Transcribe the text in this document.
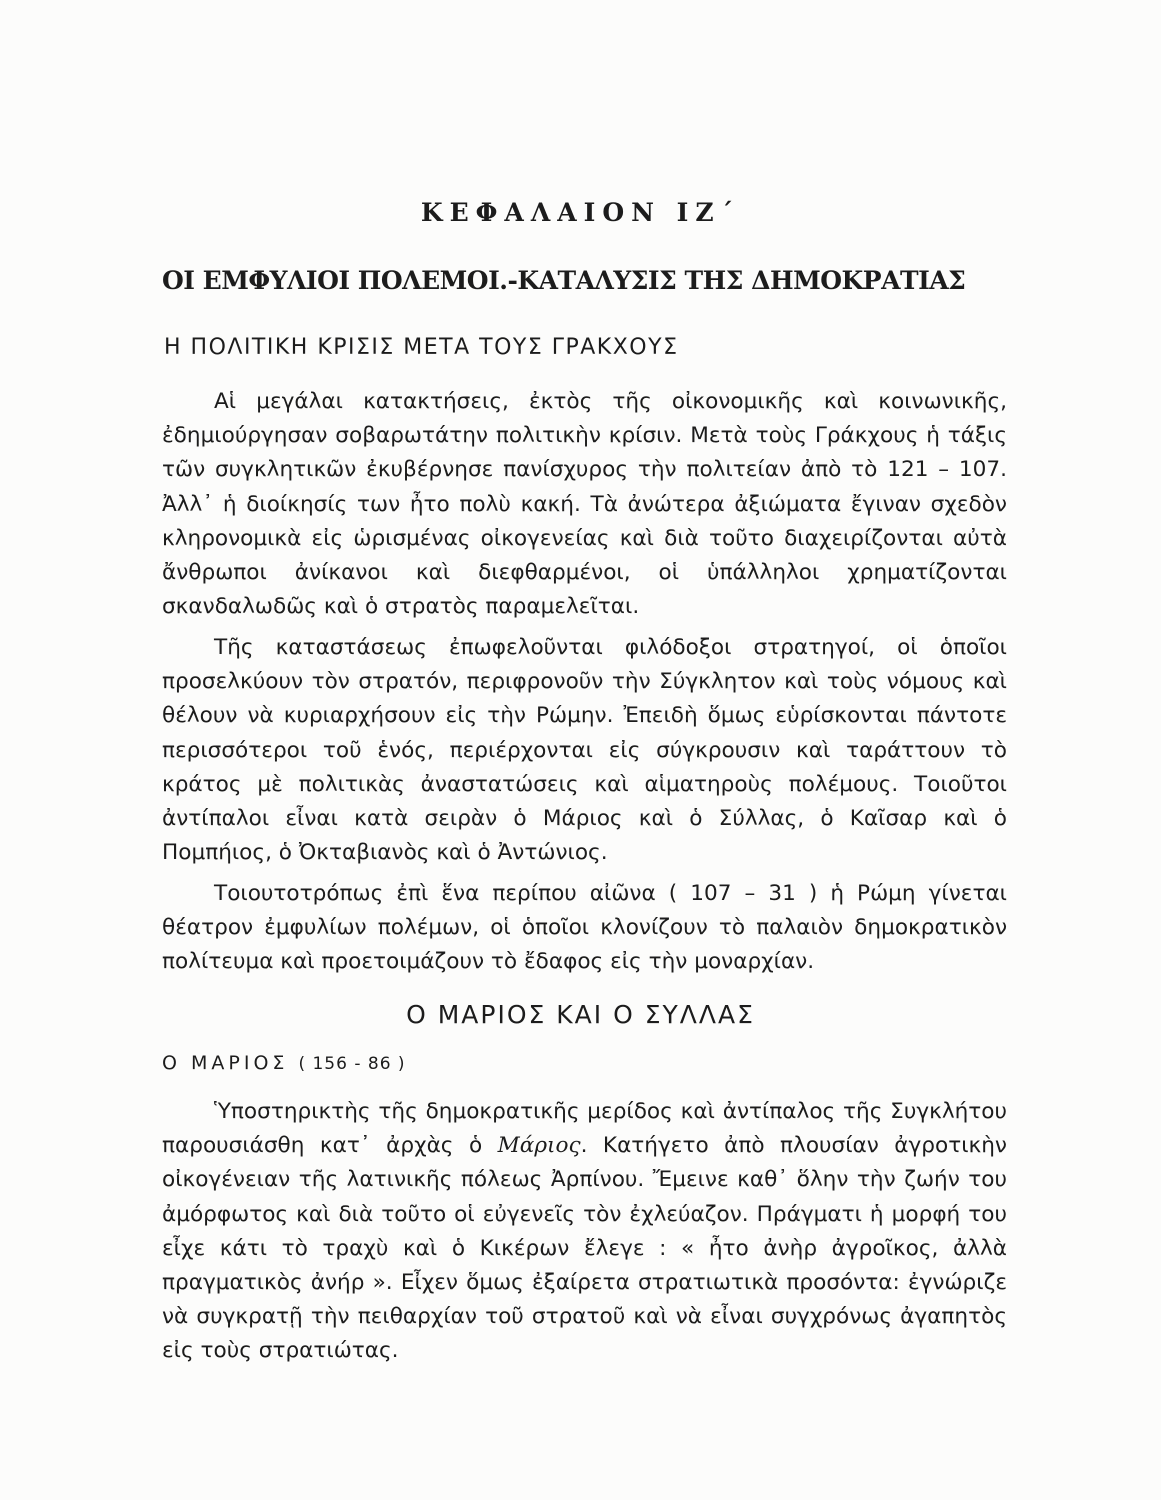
ΚΕΦΑΛΑΙΟΝ ΙΖ΄
ΟΙ ΕΜΦΥΛΙΟΙ ΠΟΛΕΜΟΙ.-ΚΑΤΑΛΥΣΙΣ ΤΗΣ ΔΗΜΟΚΡΑΤΙΑΣ
Η ΠΟΛΙΤΙΚΗ ΚΡΙΣΙΣ ΜΕΤΑ ΤΟΥΣ ΓΡΑΚΧΟΥΣ

Αἱ μεγάλαι κατακτήσεις, ἐκτὸς τῆς οἰκονομικῆς καὶ κοινωνικῆς, ἐδημιούργησαν σοβαρωτάτην πολιτικὴν κρίσιν. Μετὰ τοὺς Γράκχους ἡ τάξις τῶν συγκλητικῶν ἐκυβέρνησε πανίσχυρος τὴν πολιτείαν ἀπὸ τὸ 121 – 107. Ἀλλ᾽ ἡ διοίκησίς των ἦτο πολὺ κακή. Τὰ ἀνώτερα ἀξιώματα ἔγιναν σχεδὸν κληρονομικὰ εἰς ὡρισμένας οἰκογενείας καὶ διὰ τοῦτο διαχειρίζονται αὐτὰ ἄνθρωποι ἀνίκανοι καὶ διεφθαρμένοι, οἱ ὑπάλληλοι χρηματίζονται σκανδαλωδῶς καὶ ὁ στρατὸς παραμελεῖται.

Τῆς καταστάσεως ἐπωφελοῦνται φιλόδοξοι στρατηγοί, οἱ ὁποῖοι προσελκύουν τὸν στρατόν, περιφρονοῦν τὴν Σύγκλητον καὶ τοὺς νόμους καὶ θέλουν νὰ κυριαρχήσουν εἰς τὴν Ρώμην. Ἐπειδὴ ὅμως εὑρίσκονται πάντοτε περισσότεροι τοῦ ἑνός, περιέρχονται εἰς σύγκρουσιν καὶ ταράττουν τὸ κράτος μὲ πολιτικὰς ἀναστατώσεις καὶ αἱματηροὺς πολέμους. Τοιοῦτοι ἀντίπαλοι εἶναι κατὰ σειρὰν ὁ Μάριος καὶ ὁ Σύλλας, ὁ Καῖσαρ καὶ ὁ Πομπήιος, ὁ Ὀκταβιανὸς καὶ ὁ Ἀντώνιος.

Τοιουτοτρόπως ἐπὶ ἕνα περίπου αἰῶνα ( 107 – 31 ) ἡ Ρώμη γίνεται θέατρον ἐμφυλίων πολέμων, οἱ ὁποῖοι κλονίζουν τὸ παλαιὸν δημοκρατικὸν πολίτευμα καὶ προετοιμάζουν τὸ ἔδαφος εἰς τὴν μοναρχίαν.

Ο ΜΑΡΙΟΣ ΚΑΙ Ο ΣΥΛΛΑΣ
Ο ΜΑΡΙΟΣ ( 156 - 86 )

Ὑποστηρικτὴς τῆς δημοκρατικῆς μερίδος καὶ ἀντίπαλος τῆς Συγκλήτου παρουσιάσθη κατ᾽ ἀρχὰς ὁ Μάριος. Κατήγετο ἀπὸ πλουσίαν ἀγροτικὴν οἰκογένειαν τῆς λατινικῆς πόλεως Ἀρπίνου. Ἔμεινε καθ᾽ ὅλην τὴν ζωήν του ἀμόρφωτος καὶ διὰ τοῦτο οἱ εὐγενεῖς τὸν ἐχλεύαζον. Πράγματι ἡ μορφή του εἶχε κάτι τὸ τραχὺ καὶ ὁ Κικέρων ἔλεγε : « ἦτο ἀνὴρ ἀγροῖκος, ἀλλὰ πραγματικὸς ἀνήρ ». Εἶχεν ὅμως ἐξαίρετα στρατιωτικὰ προσόντα: ἐγνώριζε νὰ συγκρατῇ τὴν πειθαρχίαν τοῦ στρατοῦ καὶ νὰ εἶναι συγχρόνως ἀγαπητὸς εἰς τοὺς στρατιώτας.
